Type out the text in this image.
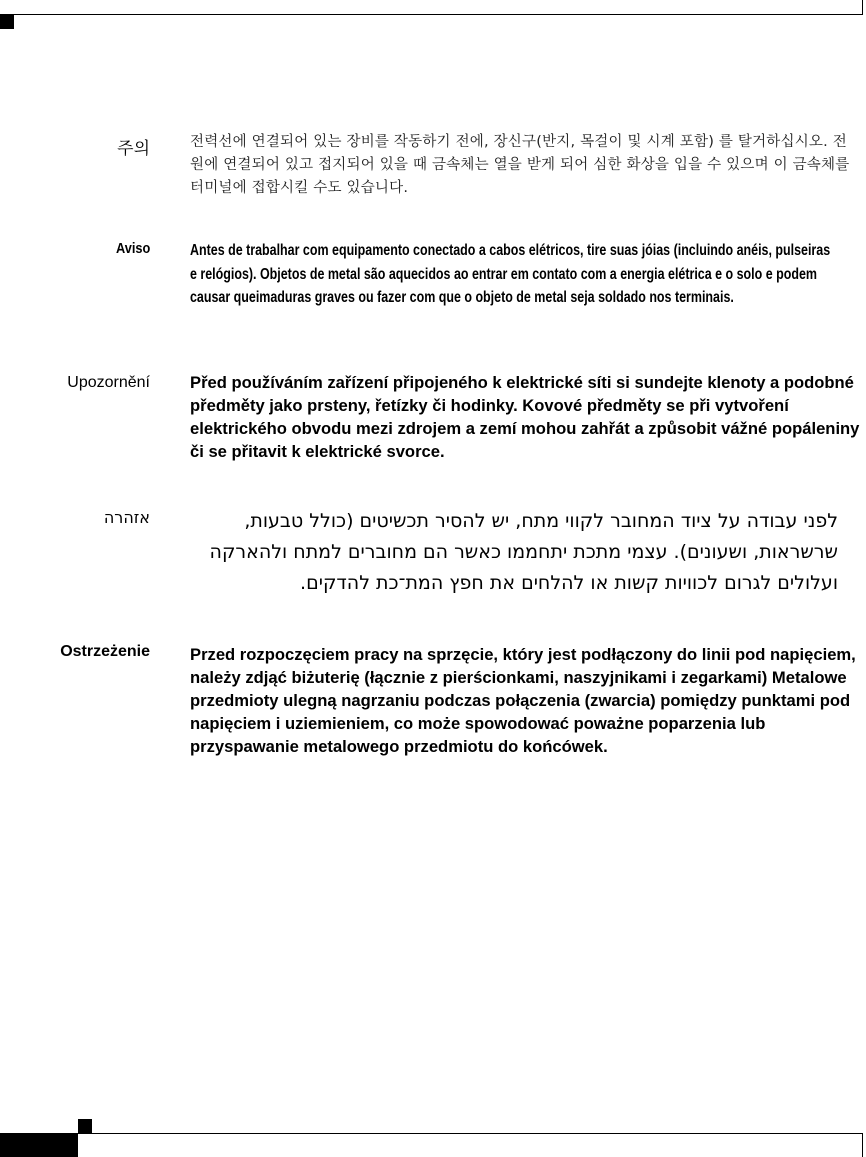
주의	전력선에 연결되어 있는 장비를 작동하기 전에, 장신구(반지, 목걸이 및 시계 포함) 를 탈거하십시오. 전원에 연결되어 있고 접지되어 있을 때 금속체는 열을 받게 되어 심한 화상을 입을 수 있으며 이 금속체를 터미널에 접합시킬 수도 있습니다.

Aviso	Antes de trabalhar com equipamento conectado a cabos elétricos, tire suas jóias (incluindo anéis, pulseiras e relógios). Objetos de metal são aquecidos ao entrar em contato com a energia elétrica e o solo e podem causar queimaduras graves ou fazer com que o objeto de metal seja soldado nos terminais.

Upozornění Před používáním zařízení připojeného k elektrické síti si sundejte klenoty a podobné předměty jako prsteny, řetízky či hodinky. Kovové předměty se při vytvoření elektrického obvodu mezi zdrojem a zemí mohou zahřát a způsobit vážné popáleniny či se přitavit k elektrické svorce.

אזהרה	לפני עבודה על ציוד המחובר לקווי מתח, יש להסיר תכשיטים (כולל טבעות, שרשראות, ושעונים). עצמי מתכת יתחממו כאשר הם מחוברים למתח ולהארקה ועלולים לגרום לכוויות קשות או להלחים את חפץ המת־כת להדקים.

Ostrzeżenie Przed rozpoczęciem pracy na sprzęcie, który jest podłączony do linii pod napięciem, należy zdjąć biżuterię (łącznie z pierścionkami, naszyjnikami i zegarkami) Metalowe przedmioty ulegną nagrzaniu podczas połączenia (zwarcia) pomiędzy punktami pod napięciem i uziemieniem, co może spowodować poważne poparzenia lub przyspawanie metalowego przedmiotu do końcówek.
